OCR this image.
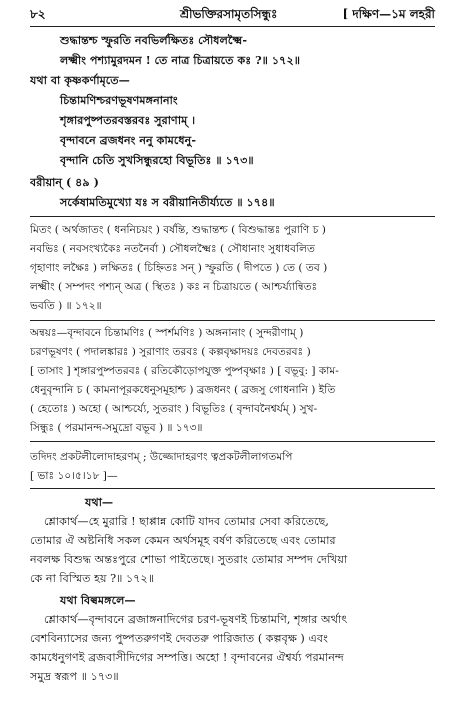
৮২	শ্রীভক্তিরসামৃতসিন্ধুঃ	[ দক্ষিণ—১ম লহরী
শুদ্ধান্তশ্চ স্ফুরতি নবভির্লক্ষিতঃ সৌধলক্ষ্মৈ-
লক্ষ্মীং পশ্যামুরদমন ! তে নাত্র চিত্রায়তে কঃ ?॥ ১৭২॥
যথা বা কৃষ্ণকর্ণামৃতে—
চিন্তামণিশ্চরণভূষণমঙ্গনানাং
শৃঙ্গারপুষ্পতরবস্তরবঃ সুরাণাম্ ।
বৃন্দাবনে ব্রজধনং ননু কামধেনু-
বৃন্দানি চেতি সুখসিন্ধুরহো বিভূতিঃ ॥ ১৭৩॥
বরীয়ান্ ( ৪৯ )
সর্কেষামতিমুখ্যো যঃ স বরীয়ানিতীর্য্যতে ॥ ১৭৪॥
মিতং ( অর্থজাতং ( ধননিচয়ং ) বর্ষন্তি, শুদ্ধান্তশ্চ ( বিশুদ্ধান্তঃ পুরাণি চ )
নবভিঃ ( নবসংখ্যকৈঃ নতনৈর্বা ) সৌধলক্ষ্মৈঃ ( সৌধানাং সুধাধবলিত
গৃহাণাং লক্ষৈঃ ) লক্ষিতঃ ( চিহ্নিতঃ সন্ ) স্ফুরতি ( দীপতে ) তে ( তব )
লক্ষ্মীং ( সম্পদং পশ্যন্ অত্র ( স্থিতঃ ) কঃ ন চিত্রায়তে ( আশ্চর্য্যান্বিতঃ
ভবতি ) ॥ ১৭২॥
অন্বয়ঃ—বৃন্দাবনে চিন্তামণিঃ ( স্পর্শমণিঃ ) অঙ্গনানাং ( সুন্দরীণাম্ )
চরণভূষণং ( পদালঙ্কারঃ ) সুরাণাং তরবঃ ( কল্পবৃক্ষাদয়ঃ দেবতরবঃ )
[ তাসাং ] শৃঙ্গারপুষ্পতরবঃ ( রতিকৌড়োপযুক্ত পুষ্পবৃক্ষাঃ ) [ বভূবু: ] কাম-
ধেনুবৃন্দানি চ ( কামনাপূরকধেনুসমূহাশ্চ ) ব্রজধনং ( ব্রজসু গোধনানি ) ইতি
( হেতোঃ ) অহো ( আশ্চর্য্যে, সুতরাং ) বিভূতিঃ ( বৃন্দাবনৈশ্বর্যম্ ) সুখ-
সিন্ধুঃ ( পরমানন্দ-সমুদ্রো বভূব ) ॥ ১৭৩॥
তদিদং প্রকটলীলোদাহরণম্ ; উজ্জোদাহরণং ত্বপ্রকটলীলাগতমপি
[ ভাঃ ১০।৫।১৮ ]—
যথা—
শ্লোকার্থ—হে মুরারি ! ছাপ্পান্ন কোটি যাদব তোমার সেবা করিতেছে,
তোমার ঐ অষ্টনিধি সকল কেমন অর্থসমূহ বর্ষণ করিতেছে এবং তোমার
নবলক্ষ বিশুদ্ধ অন্তঃপুরে শোভা পাইতেছে। সুতরাং তোমার সম্পদ দেখিয়া
কে না বিস্মিত হয় ?॥ ১৭২॥
যথা বিল্বমঙ্গলে—
শ্লোকার্থ—বৃন্দাবনে ব্রজাঙ্গনাদিগের চরণ-ভূষণই চিন্তামণি, শৃঙ্গার অর্থাৎ
বেশবিন্যাসের জন্য পুষ্পতরুগণই দেবতরু পারিজাত ( কল্পবৃক্ষ ) এবং
কামধেনুগণই ব্রজবাসীদিগের সম্পত্তি। অহো ! বৃন্দাবনের ঐশ্বর্য্য পরমানন্দ
সমুদ্র স্বরূপ ॥ ১৭৩॥
